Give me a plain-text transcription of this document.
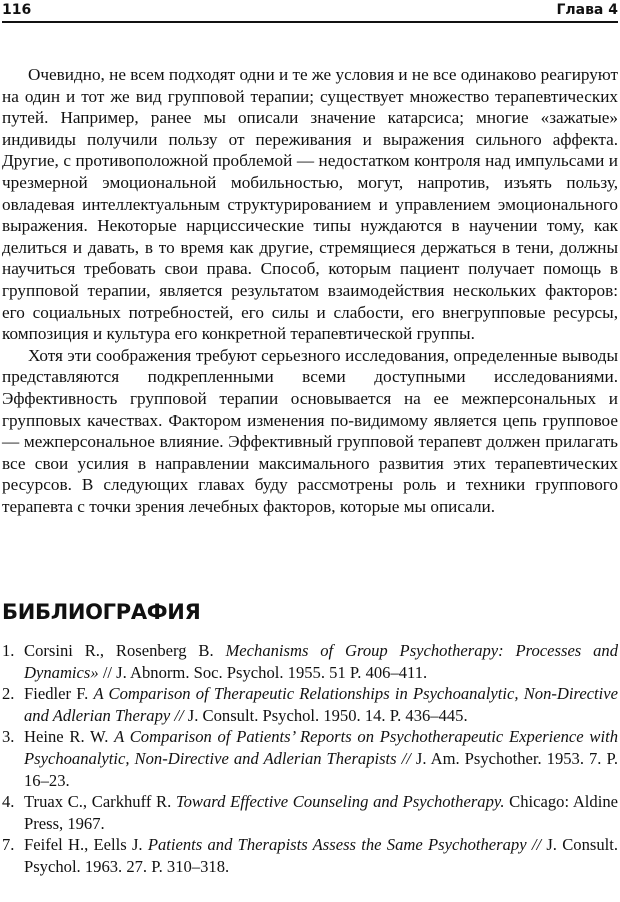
116	Глава 4

Очевидно, не всем подходят одни и те же условия и не все одинаково реагируют на один и тот же вид групповой терапии; существует множество терапевтических путей. Например, ранее мы описали значение катарсиса; многие «зажатые» индивиды получили пользу от переживания и выражения сильного аффекта. Другие, с противоположной проблемой — недостатком контроля над импульсами и чрезмерной эмоциональной мобильностью, могут, напротив, изъять пользу, овладевая интеллектуальным структурированием и управлением эмоционального выражения. Некоторые нарциссические типы нуждаются в научении тому, как делиться и давать, в то время как другие, стремящиеся держаться в тени, должны научиться требовать свои права. Способ, которым пациент получает помощь в групповой терапии, является результатом взаимодействия нескольких факторов: его социальных потребностей, его силы и слабости, его внегрупповые ресурсы, композиция и культура его конкретной терапевтической группы.

Хотя эти соображения требуют серьезного исследования, определенные выводы представляются подкрепленными всеми доступными исследованиями. Эффективность групповой терапии основывается на ее межперсональных и групповых качествах. Фактором изменения по-видимому является цепь групповое — межперсональное влияние. Эффективный групповой терапевт должен прилагать все свои усилия в направлении максимального развития этих терапевтических ресурсов. В следующих главах буду рассмотрены роль и техники группового терапевта с точки зрения лечебных факторов, которые мы описали.

БИБЛИОГРАФИЯ
1. Corsini R., Rosenberg B. Mechanisms of Group Psychotherapy: Processes and Dynamics» // J. Abnorm. Soc. Psychol. 1955. 51 P. 406–411.
2. Fiedler F. A Comparison of Therapeutic Relationships in Psychoanalytic, Non-Directive and Adlerian Therapy // J. Consult. Psychol. 1950. 14. P. 436–445.
3. Heine R. W. A Comparison of Patients’ Reports on Psychotherapeutic Experience with Psychoanalytic, Non-Directive and Adlerian Therapists // J. Am. Psychother. 1953. 7. P. 16–23.
4. Truax C., Carkhuff R. Toward Effective Counseling and Psychotherapy. Chicago: Aldine Press, 1967.
7. Feifel H., Eells J. Patients and Therapists Assess the Same Psychotherapy // J. Consult. Psychol. 1963. 27. P. 310–318.
